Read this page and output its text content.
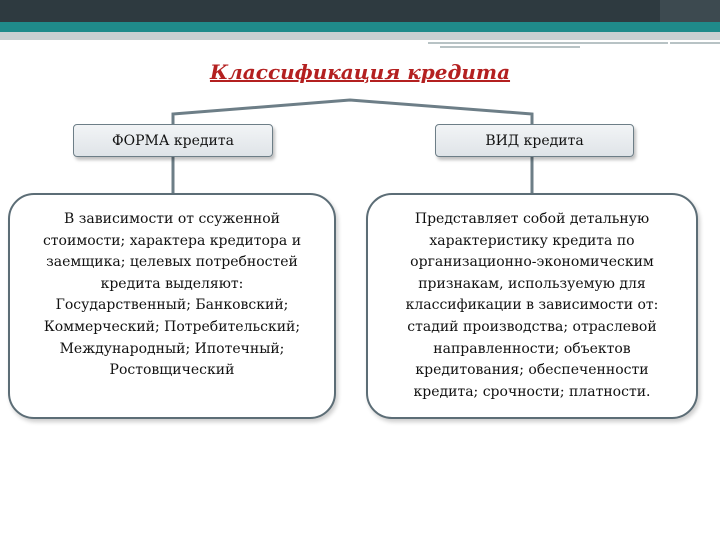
Классификация кредита
ФОРМА кредита	ВИД кредита
В зависимости от ссуженной
стоимости; характера кредитора и
заемщика; целевых потребностей
кредита выделяют:
Государственный; Банковский;
Коммерческий; Потребительский;
Международный; Ипотечный;
Ростовщический
Представляет собой детальную
характеристику кредита по
организационно-экономическим
признакам, используемую для
классификации в зависимости от:
стадий производства; отраслевой
направленности; объектов
кредитования; обеспеченности
кредита; срочности; платности.
